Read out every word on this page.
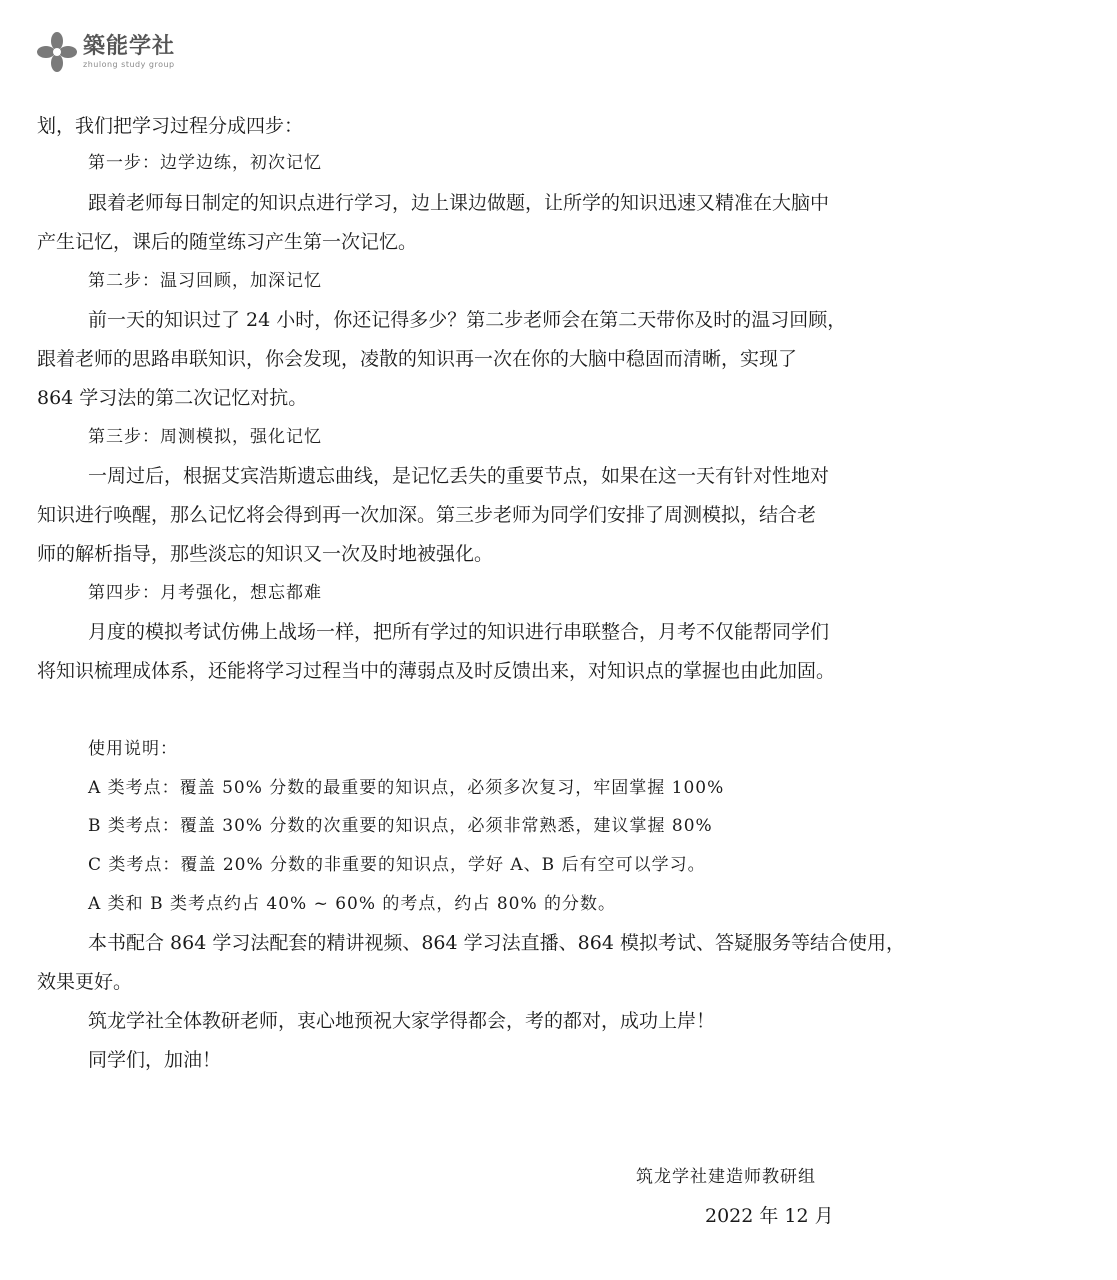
築能学社
zhulong study group
划，我们把学习过程分成四步：
第一步：边学边练，初次记忆
跟着老师每日制定的知识点进行学习，边上课边做题，让所学的知识迅速又精准在大脑中
产生记忆，课后的随堂练习产生第一次记忆。
第二步：温习回顾，加深记忆
前一天的知识过了 24 小时，你还记得多少？第二步老师会在第二天带你及时的温习回顾，
跟着老师的思路串联知识，你会发现，凌散的知识再一次在你的大脑中稳固而清晰，实现了
864 学习法的第二次记忆对抗。
第三步：周测模拟，强化记忆
一周过后，根据艾宾浩斯遗忘曲线，是记忆丢失的重要节点，如果在这一天有针对性地对
知识进行唤醒，那么记忆将会得到再一次加深。第三步老师为同学们安排了周测模拟，结合老
师的解析指导，那些淡忘的知识又一次及时地被强化。
第四步：月考强化，想忘都难
月度的模拟考试仿佛上战场一样，把所有学过的知识进行串联整合，月考不仅能帮同学们
将知识梳理成体系，还能将学习过程当中的薄弱点及时反馈出来，对知识点的掌握也由此加固。
使用说明：
A 类考点：覆盖 50% 分数的最重要的知识点，必须多次复习，牢固掌握 100%
B 类考点：覆盖 30% 分数的次重要的知识点，必须非常熟悉，建议掌握 80%
C 类考点：覆盖 20% 分数的非重要的知识点，学好 A、B 后有空可以学习。
A 类和 B 类考点约占 40% ~ 60% 的考点，约占 80% 的分数。
本书配合 864 学习法配套的精讲视频、864 学习法直播、864 模拟考试、答疑服务等结合使用，
效果更好。
筑龙学社全体教研老师，衷心地预祝大家学得都会，考的都对，成功上岸！
同学们，加油！
筑龙学社建造师教研组
2022 年 12 月
